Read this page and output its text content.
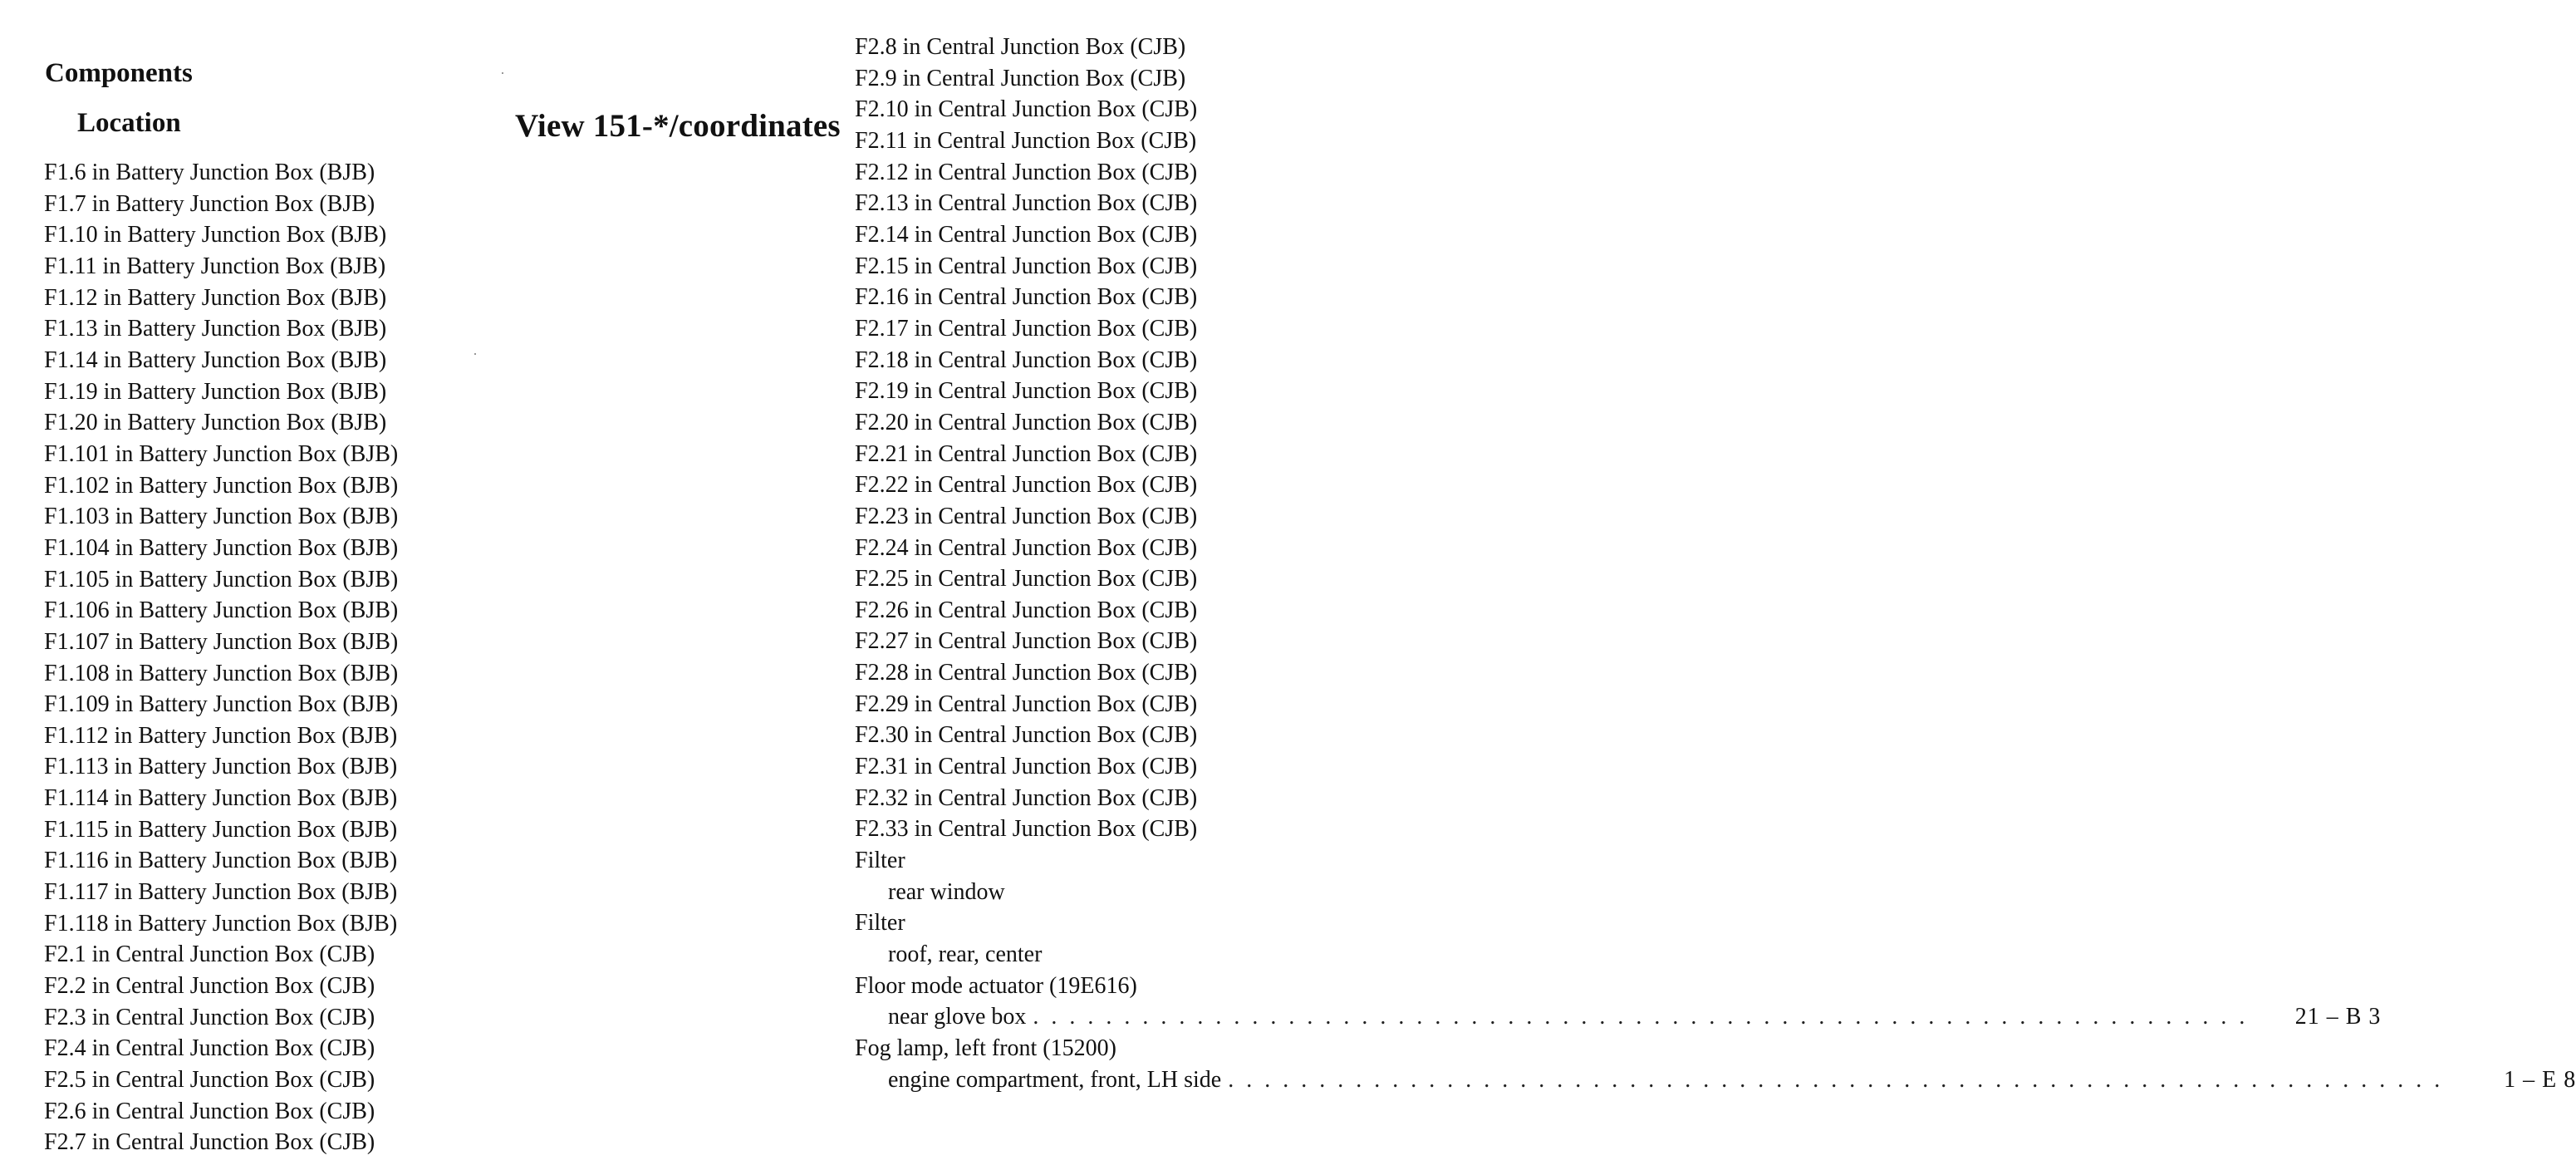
Components
Location	View 151-*/coordinates
F1.6 in Battery Junction Box (BJB)
F1.7 in Battery Junction Box (BJB)
F1.10 in Battery Junction Box (BJB)
F1.11 in Battery Junction Box (BJB)
F1.12 in Battery Junction Box (BJB)
F1.13 in Battery Junction Box (BJB)
F1.14 in Battery Junction Box (BJB)
F1.19 in Battery Junction Box (BJB)
F1.20 in Battery Junction Box (BJB)
F1.101 in Battery Junction Box (BJB)
F1.102 in Battery Junction Box (BJB)
F1.103 in Battery Junction Box (BJB)
F1.104 in Battery Junction Box (BJB)
F1.105 in Battery Junction Box (BJB)
F1.106 in Battery Junction Box (BJB)
F1.107 in Battery Junction Box (BJB)
F1.108 in Battery Junction Box (BJB)
F1.109 in Battery Junction Box (BJB)
F1.112 in Battery Junction Box (BJB)
F1.113 in Battery Junction Box (BJB)
F1.114 in Battery Junction Box (BJB)
F1.115 in Battery Junction Box (BJB)
F1.116 in Battery Junction Box (BJB)
F1.117 in Battery Junction Box (BJB)
F1.118 in Battery Junction Box (BJB)
F2.1 in Central Junction Box (CJB)
F2.2 in Central Junction Box (CJB)
F2.3 in Central Junction Box (CJB)
F2.4 in Central Junction Box (CJB)
F2.5 in Central Junction Box (CJB)
F2.6 in Central Junction Box (CJB)
F2.7 in Central Junction Box (CJB)
F2.8 in Central Junction Box (CJB)
F2.9 in Central Junction Box (CJB)
F2.10 in Central Junction Box (CJB)
F2.11 in Central Junction Box (CJB)
F2.12 in Central Junction Box (CJB)
F2.13 in Central Junction Box (CJB)
F2.14 in Central Junction Box (CJB)
F2.15 in Central Junction Box (CJB)
F2.16 in Central Junction Box (CJB)
F2.17 in Central Junction Box (CJB)
F2.18 in Central Junction Box (CJB)
F2.19 in Central Junction Box (CJB)
F2.20 in Central Junction Box (CJB)
F2.21 in Central Junction Box (CJB)
F2.22 in Central Junction Box (CJB)
F2.23 in Central Junction Box (CJB)
F2.24 in Central Junction Box (CJB)
F2.25 in Central Junction Box (CJB)
F2.26 in Central Junction Box (CJB)
F2.27 in Central Junction Box (CJB)
F2.28 in Central Junction Box (CJB)
F2.29 in Central Junction Box (CJB)
F2.30 in Central Junction Box (CJB)
F2.31 in Central Junction Box (CJB)
F2.32 in Central Junction Box (CJB)
F2.33 in Central Junction Box (CJB)
Filter
rear window
Filter
roof, rear, center
Floor mode actuator (19E616)
near glove box . . . . . . . . . . . . . . . . . . . . . . . . . . . . . . . . . . . . . . . . . . . . . . . . . . . . . . . . . . . . . . . . . . .	21 – B 3
Fog lamp, left front (15200)
engine compartment, front, LH side . . . . . . . . . . . . . . . . . . . . . . . . . . . . . . . . . . . . . . . . . . . . . . . . . . . . . . . . . . . . . . . . . . .	1 – E 8
